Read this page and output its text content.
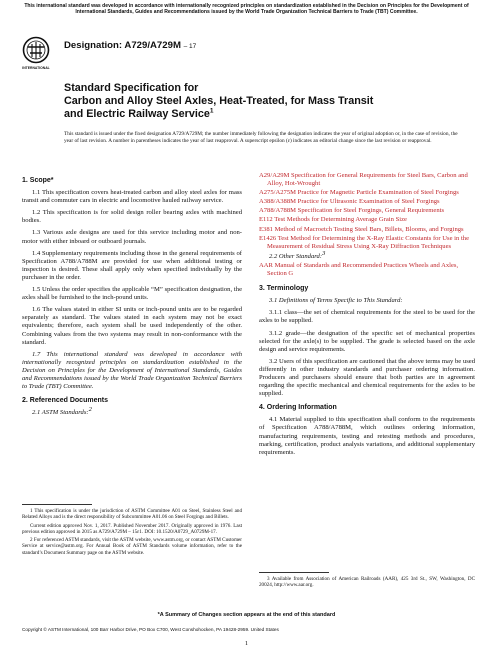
This international standard was developed in accordance with internationally recognized principles on standardization established in the Decision on Principles for the Development of International Standards, Guides and Recommendations issued by the World Trade Organization Technical Barriers to Trade (TBT) Committee.
INTERNATIONAL
Designation: A729/A729M – 17
Standard Specification for
Carbon and Alloy Steel Axles, Heat-Treated, for Mass Transit
and Electric Railway Service$^1$
This standard is issued under the fixed designation A729/A729M; the number immediately following the designation indicates the year of original adoption or, in the case of revision, the year of last revision. A number in parentheses indicates the year of last reapproval. A superscript epsilon (ε) indicates an editorial change since the last revision or reapproval.
1. Scope*

1.1 This specification covers heat-treated carbon and alloy steel axles for mass transit and commuter cars in electric and locomotive hauled railway service.

1.2 This specification is for solid design roller bearing axles with machined bodies.

1.3 Various axle designs are used for this service including motor and non-motor with either inboard or outboard journals.

1.4 Supplementary requirements including those in the general requirements of Specification A788/A788M are provided for use when additional testing or inspection is desired. These shall apply only when specified individually by the purchaser in the order.

1.5 Unless the order specifies the applicable “M” specification designation, the axles shall be furnished to the inch-pound units.

1.6 The values stated in either SI units or inch-pound units are to be regarded separately as standard. The values stated in each system may not be exact equivalents; therefore, each system shall be used independently of the other. Combining values from the two systems may result in non-conformance with the standard.

1.7 This international standard was developed in accordance with internationally recognized principles on standardization established in the Decision on Principles for the Development of International Standards, Guides and Recommendations issued by the World Trade Organization Technical Barriers to Trade (TBT) Committee.

2. Referenced Documents

2.1 ASTM Standards:2

1 This specification is under the jurisdiction of ASTM Committee A01 on Steel, Stainless Steel and Related Alloys and is the direct responsibility of Subcommittee A01.06 on Steel Forgings and Billets.

Current edition approved Nov. 1, 2017. Published November 2017. Originally approved in 1976. Last previous edition approved in 2015 as A729/A729M – 15ε1. DOI: 10.1520/A0729_A0729M-17.

2 For referenced ASTM standards, visit the ASTM website, www.astm.org, or contact ASTM Customer Service at service@astm.org. For Annual Book of ASTM Standards volume information, refer to the standard’s Document Summary page on the ASTM website.

A29/A29M Specification for General Requirements for Steel Bars, Carbon and Alloy, Hot-Wrought
A275/A275M Practice for Magnetic Particle Examination of Steel Forgings
A388/A388M Practice for Ultrasonic Examination of Steel Forgings
A788/A788M Specification for Steel Forgings, General Requirements
E112 Test Methods for Determining Average Grain Size
E381 Method of Macroetch Testing Steel Bars, Billets, Blooms, and Forgings
E1426 Test Method for Determining the X-Ray Elastic Constants for Use in the Measurement of Residual Stress Using X-Ray Diffraction Techniques

2.2 Other Standard:3

AAR Manual of Standards and Recommended Practices Wheels and Axles, Section G
3. Terminology

3.1 Definitions of Terms Specific to This Standard:

3.1.1 class—the set of chemical requirements for the steel to be used for the axles to be supplied.

3.1.2 grade—the designation of the specific set of mechanical properties selected for the axle(s) to be supplied. The grade is selected based on the axle design and service requirements.

3.2 Users of this specification are cautioned that the above terms may be used differently in other industry standards and purchaser ordering information. Producers and purchasers should ensure that both parties are in agreement regarding the specific mechanical and chemical requirements for the axles to be supplied.

4. Ordering Information

4.1 Material supplied to this specification shall conform to the requirements of Specification A788/A788M, which outlines ordering information, manufacturing requirements, testing and retesting methods and procedures, marking, certification, product analysis variations, and additional supplementary requirements.

3 Available from Association of American Railroads (AAR), 425 3rd St., SW, Washington, DC 20024, http://www.aar.org.

*A Summary of Changes section appears at the end of this standard
Copyright © ASTM International, 100 Barr Harbor Drive, PO Box C700, West Conshohocken, PA 19428-2959. United States
1
